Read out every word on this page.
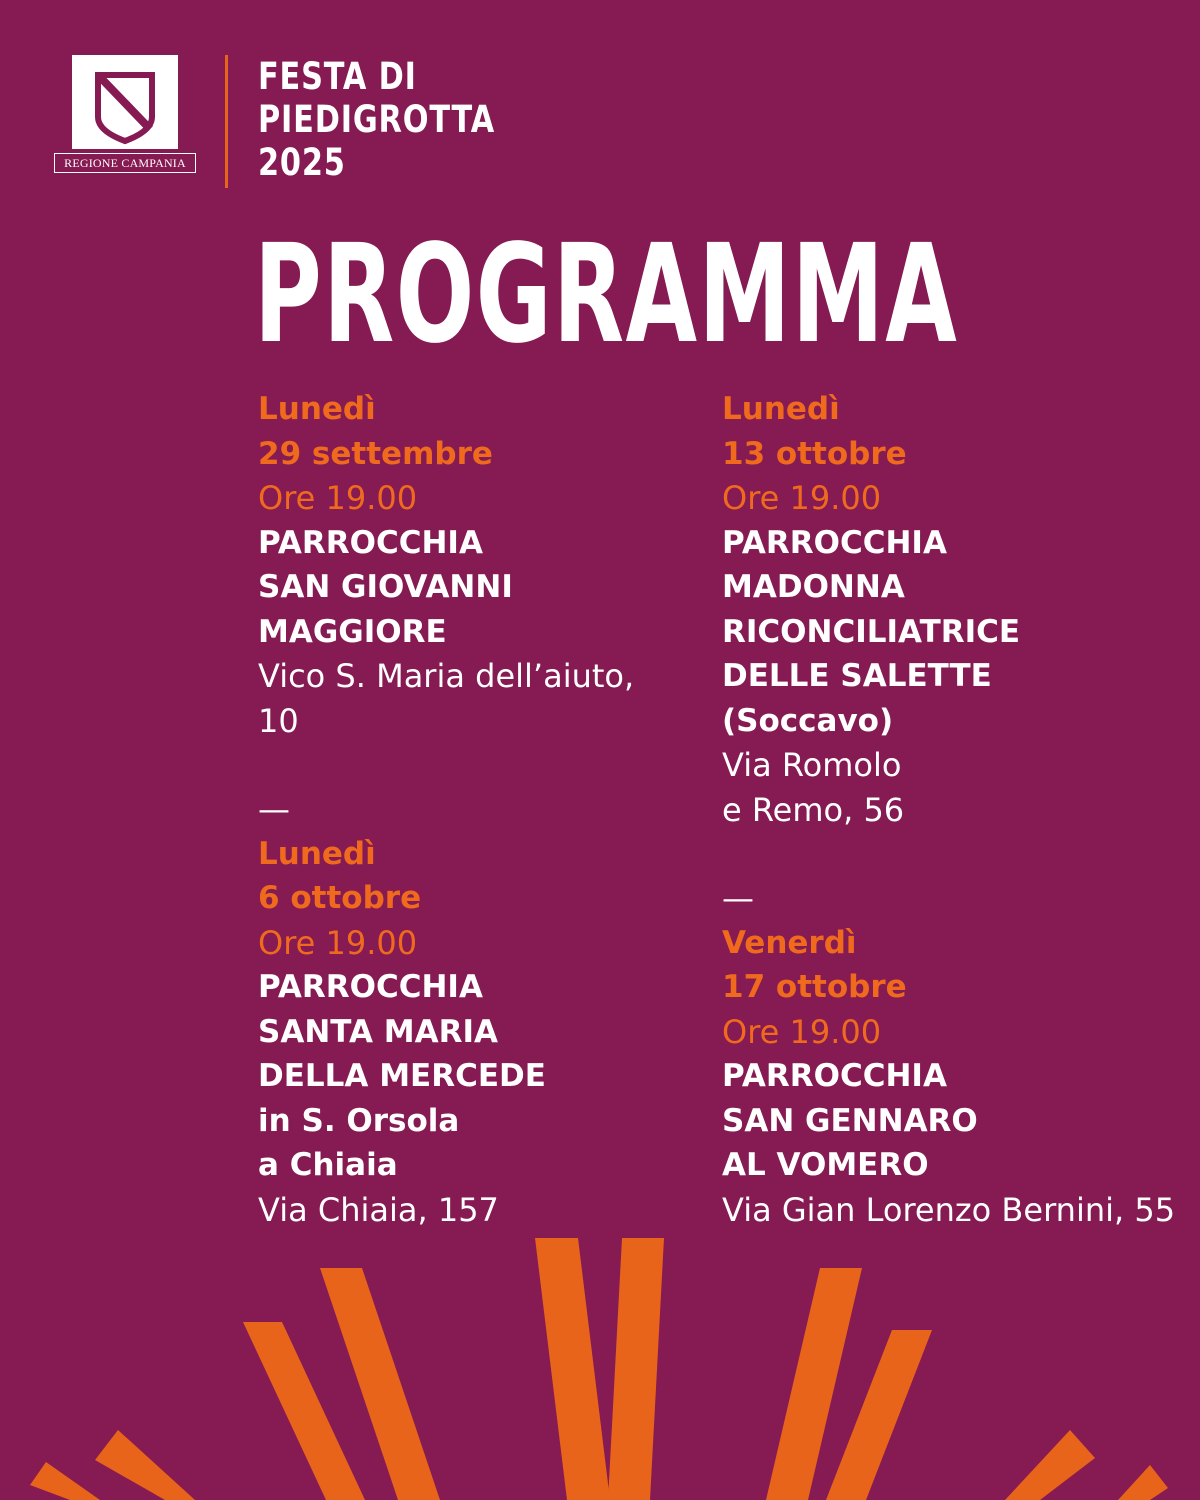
REGIONE CAMPANIA
FESTA DI
PIEDIGROTTA
2025
PROGRAMMA
Lunedì
29 settembre
Ore 19.00
PARROCCHIA
SAN GIOVANNI
MAGGIORE
Vico S. Maria dell’aiuto,
10
—
Lunedì
6 ottobre
Ore 19.00
PARROCCHIA
SANTA MARIA
DELLA MERCEDE
in S. Orsola
a Chiaia
Via Chiaia, 157
Lunedì
13 ottobre
Ore 19.00
PARROCCHIA
MADONNA
RICONCILIATRICE
DELLE SALETTE
(Soccavo)
Via Romolo
e Remo, 56
—
Venerdì
17 ottobre
Ore 19.00
PARROCCHIA
SAN GENNARO
AL VOMERO
Via Gian Lorenzo Bernini, 55
